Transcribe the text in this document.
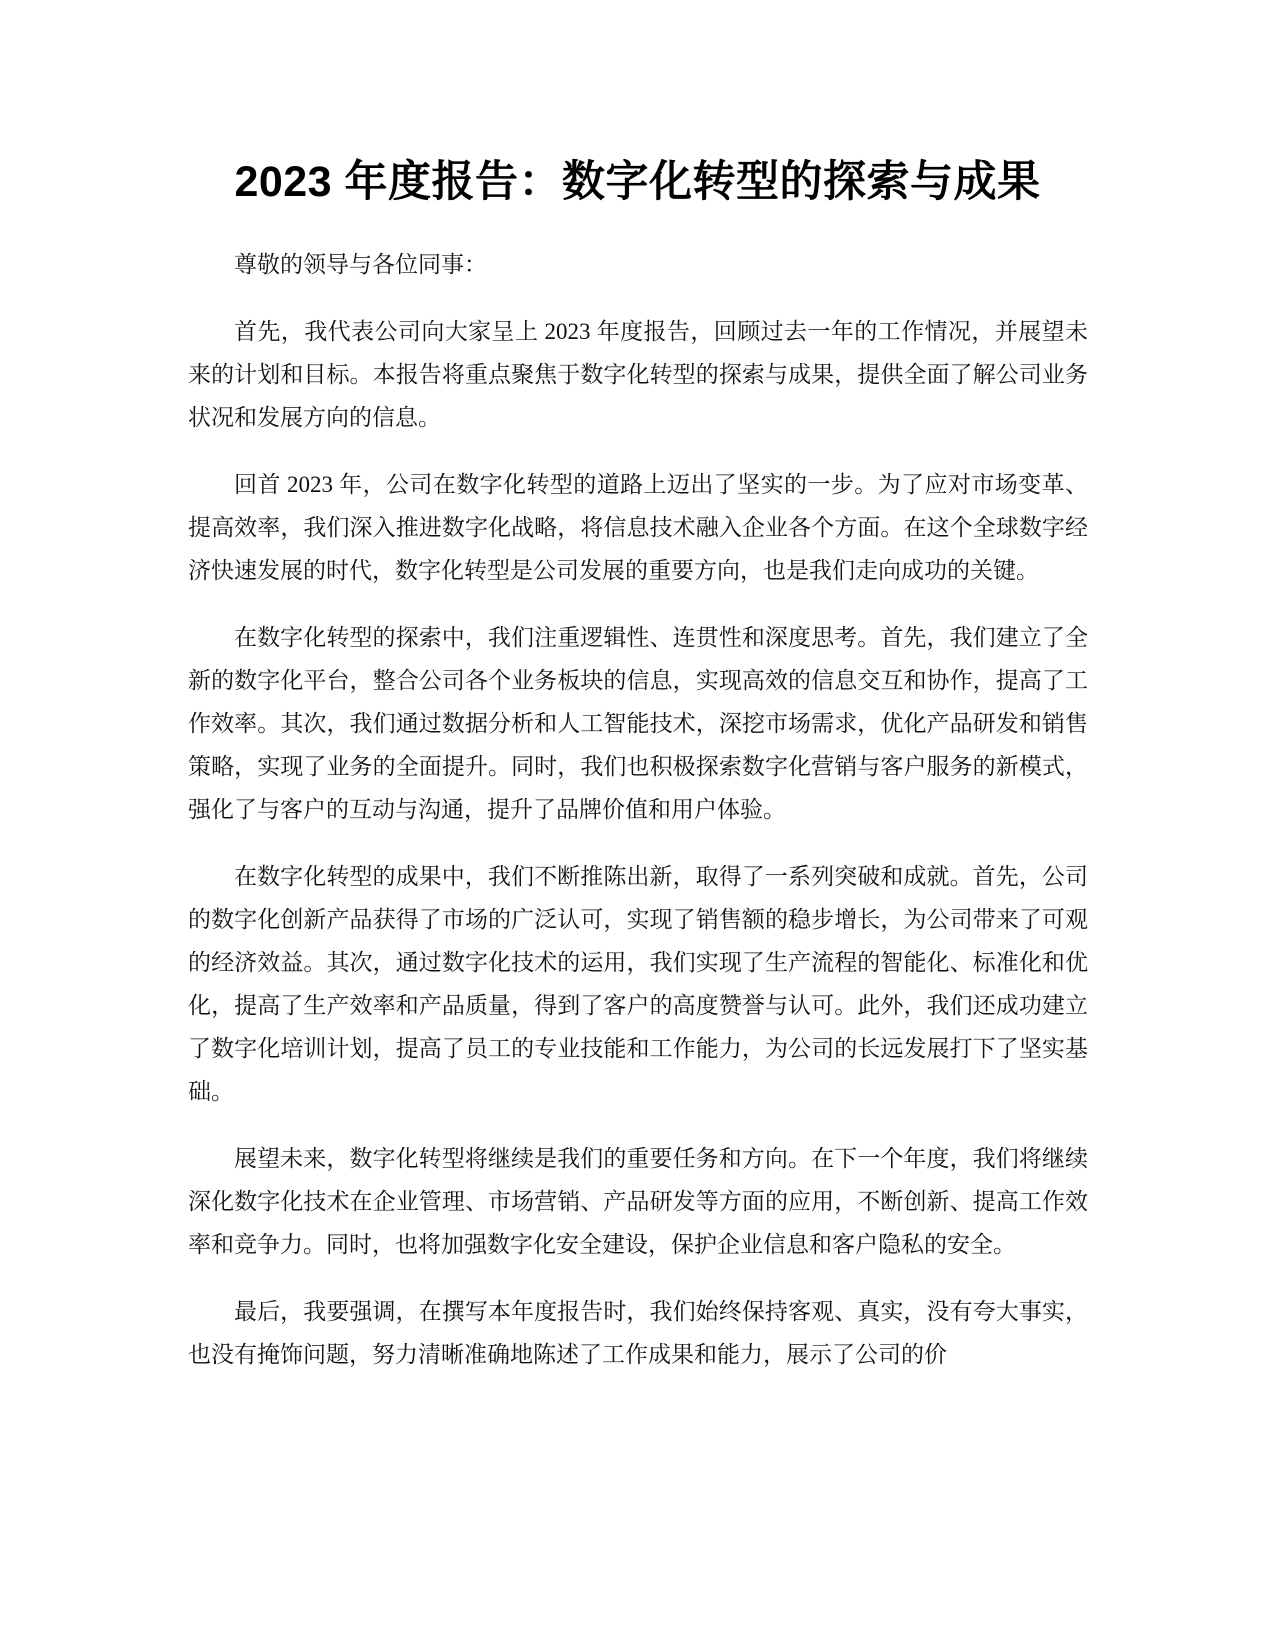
2023 年度报告：数字化转型的探索与成果

尊敬的领导与各位同事：

首先，我代表公司向大家呈上 2023 年度报告，回顾过去一年的工作情况，并展望未来的计划和目标。本报告将重点聚焦于数字化转型的探索与成果，提供全面了解公司业务状况和发展方向的信息。

回首 2023 年，公司在数字化转型的道路上迈出了坚实的一步。为了应对市场变革、提高效率，我们深入推进数字化战略，将信息技术融入企业各个方面。在这个全球数字经济快速发展的时代，数字化转型是公司发展的重要方向，也是我们走向成功的关键。

在数字化转型的探索中，我们注重逻辑性、连贯性和深度思考。首先，我们建立了全新的数字化平台，整合公司各个业务板块的信息，实现高效的信息交互和协作，提高了工作效率。其次，我们通过数据分析和人工智能技术，深挖市场需求，优化产品研发和销售策略，实现了业务的全面提升。同时，我们也积极探索数字化营销与客户服务的新模式，强化了与客户的互动与沟通，提升了品牌价值和用户体验。

在数字化转型的成果中，我们不断推陈出新，取得了一系列突破和成就。首先，公司的数字化创新产品获得了市场的广泛认可，实现了销售额的稳步增长，为公司带来了可观的经济效益。其次，通过数字化技术的运用，我们实现了生产流程的智能化、标准化和优化，提高了生产效率和产品质量，得到了客户的高度赞誉与认可。此外，我们还成功建立了数字化培训计划，提高了员工的专业技能和工作能力，为公司的长远发展打下了坚实基础。

展望未来，数字化转型将继续是我们的重要任务和方向。在下一个年度，我们将继续深化数字化技术在企业管理、市场营销、产品研发等方面的应用，不断创新、提高工作效率和竞争力。同时，也将加强数字化安全建设，保护企业信息和客户隐私的安全。

最后，我要强调，在撰写本年度报告时，我们始终保持客观、真实，没有夸大事实，也没有掩饰问题，努力清晰准确地陈述了工作成果和能力，展示了公司的价
